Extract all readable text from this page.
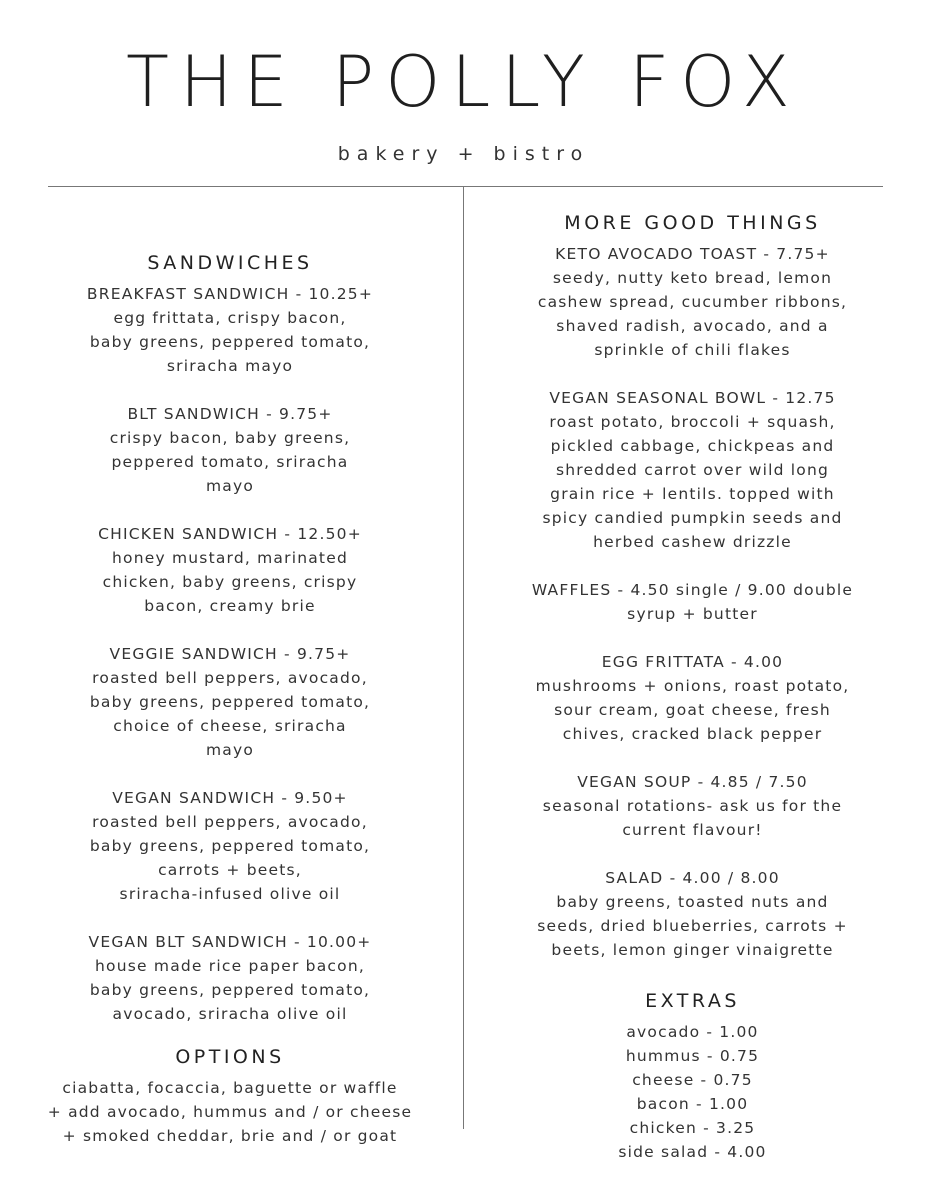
THE POLLY FOX
bakery + bistro
SANDWICHES
BREAKFAST SANDWICH - 10.25+
egg frittata, crispy bacon,
baby greens, peppered tomato,
sriracha mayo
BLT SANDWICH - 9.75+
crispy bacon, baby greens,
peppered tomato, sriracha
mayo
CHICKEN SANDWICH - 12.50+
honey mustard, marinated
chicken, baby greens, crispy
bacon, creamy brie
VEGGIE SANDWICH - 9.75+
roasted bell peppers, avocado,
baby greens, peppered tomato,
choice of cheese, sriracha
mayo
VEGAN SANDWICH - 9.50+
roasted bell peppers, avocado,
baby greens, peppered tomato,
carrots + beets,
sriracha-infused olive oil
VEGAN BLT SANDWICH - 10.00+
house made rice paper bacon,
baby greens, peppered tomato,
avocado, sriracha olive oil
OPTIONS
ciabatta, focaccia, baguette or waffle
+ add avocado, hummus and / or cheese
+ smoked cheddar, brie and / or goat
MORE GOOD THINGS
KETO AVOCADO TOAST - 7.75+
seedy, nutty keto bread, lemon
cashew spread, cucumber ribbons,
shaved radish, avocado, and a
sprinkle of chili flakes
VEGAN SEASONAL BOWL - 12.75
roast potato, broccoli + squash,
pickled cabbage, chickpeas and
shredded carrot over wild long
grain rice + lentils. topped with
spicy candied pumpkin seeds and
herbed cashew drizzle
WAFFLES - 4.50 single / 9.00 double
syrup + butter
EGG FRITTATA - 4.00
mushrooms + onions, roast potato,
sour cream, goat cheese, fresh
chives, cracked black pepper
VEGAN SOUP - 4.85 / 7.50
seasonal rotations- ask us for the
current flavour!
SALAD - 4.00 / 8.00
baby greens, toasted nuts and
seeds, dried blueberries, carrots +
beets, lemon ginger vinaigrette
EXTRAS
avocado - 1.00
hummus - 0.75
cheese - 0.75
bacon - 1.00
chicken - 3.25
side salad - 4.00
